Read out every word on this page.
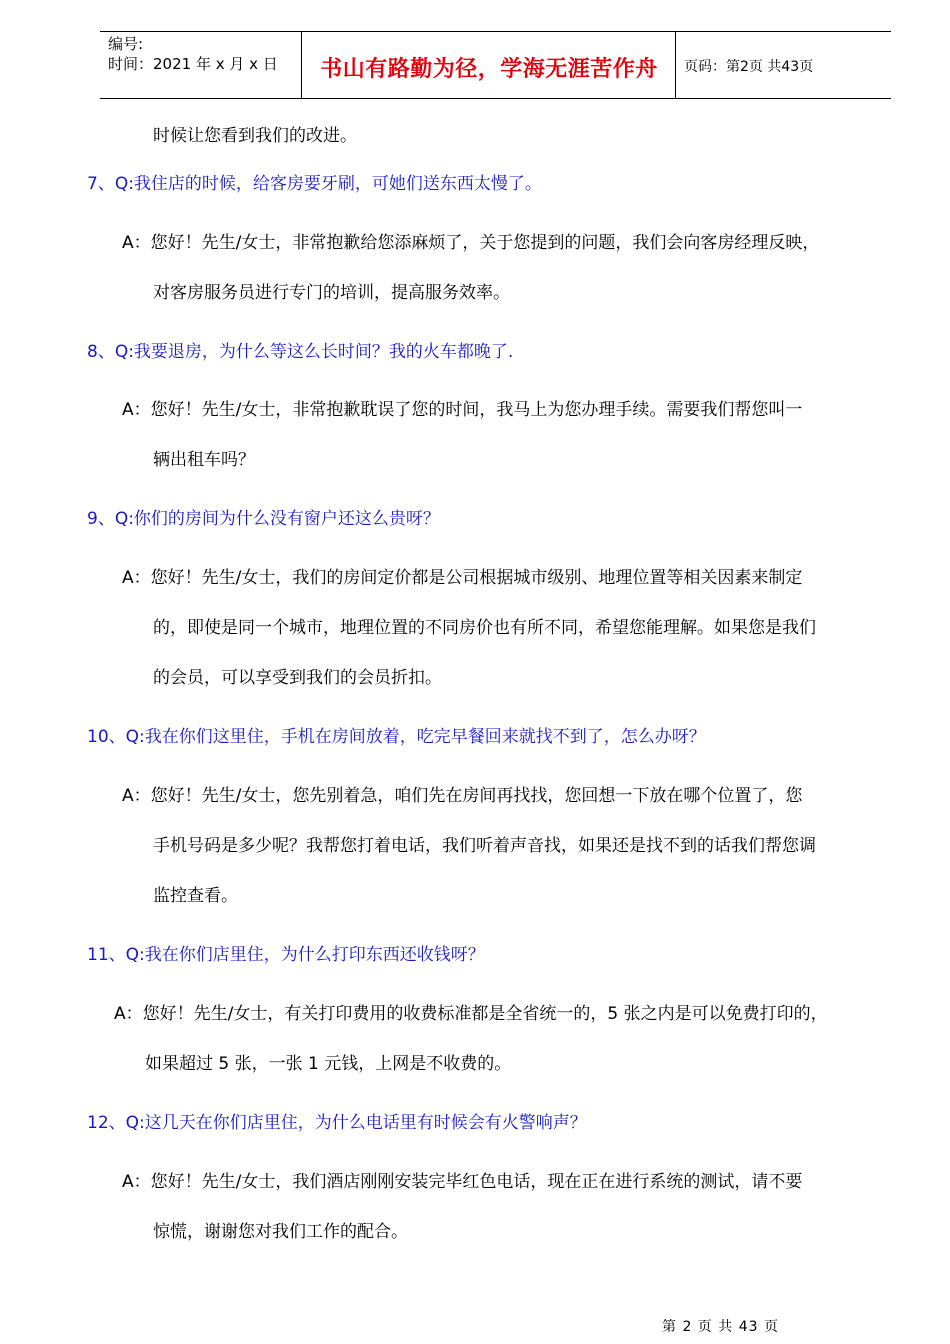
编号:
时间：2021 年 x 月 x 日	书山有路勤为径，学海无涯苦作舟	页码：第2页 共43页
时候让您看到我们的改进。
7、Q:我住店的时候，给客房要牙刷，可她们送东西太慢了。
A：您好！先生/女士，非常抱歉给您添麻烦了，关于您提到的问题，我们会向客房经理反映，
对客房服务员进行专门的培训，提高服务效率。
8、Q:我要退房，为什么等这么长时间？我的火车都晚了.
A：您好！先生/女士，非常抱歉耽误了您的时间，我马上为您办理手续。需要我们帮您叫一
辆出租车吗？
9、Q:你们的房间为什么没有窗户还这么贵呀？
A：您好！先生/女士，我们的房间定价都是公司根据城市级别、地理位置等相关因素来制定
的，即使是同一个城市，地理位置的不同房价也有所不同，希望您能理解。如果您是我们
的会员，可以享受到我们的会员折扣。
10、Q:我在你们这里住，手机在房间放着，吃完早餐回来就找不到了，怎么办呀？
A：您好！先生/女士，您先别着急，咱们先在房间再找找，您回想一下放在哪个位置了，您
手机号码是多少呢？我帮您打着电话，我们听着声音找，如果还是找不到的话我们帮您调
监控查看。
11、Q:我在你们店里住，为什么打印东西还收钱呀？
A：您好！先生/女士，有关打印费用的收费标准都是全省统一的，5 张之内是可以免费打印的，
如果超过 5 张，一张 1 元钱，上网是不收费的。
12、Q:这几天在你们店里住，为什么电话里有时候会有火警响声？
A：您好！先生/女士，我们酒店刚刚安装完毕红色电话，现在正在进行系统的测试，请不要
惊慌，谢谢您对我们工作的配合。
第 2 页 共 43 页
